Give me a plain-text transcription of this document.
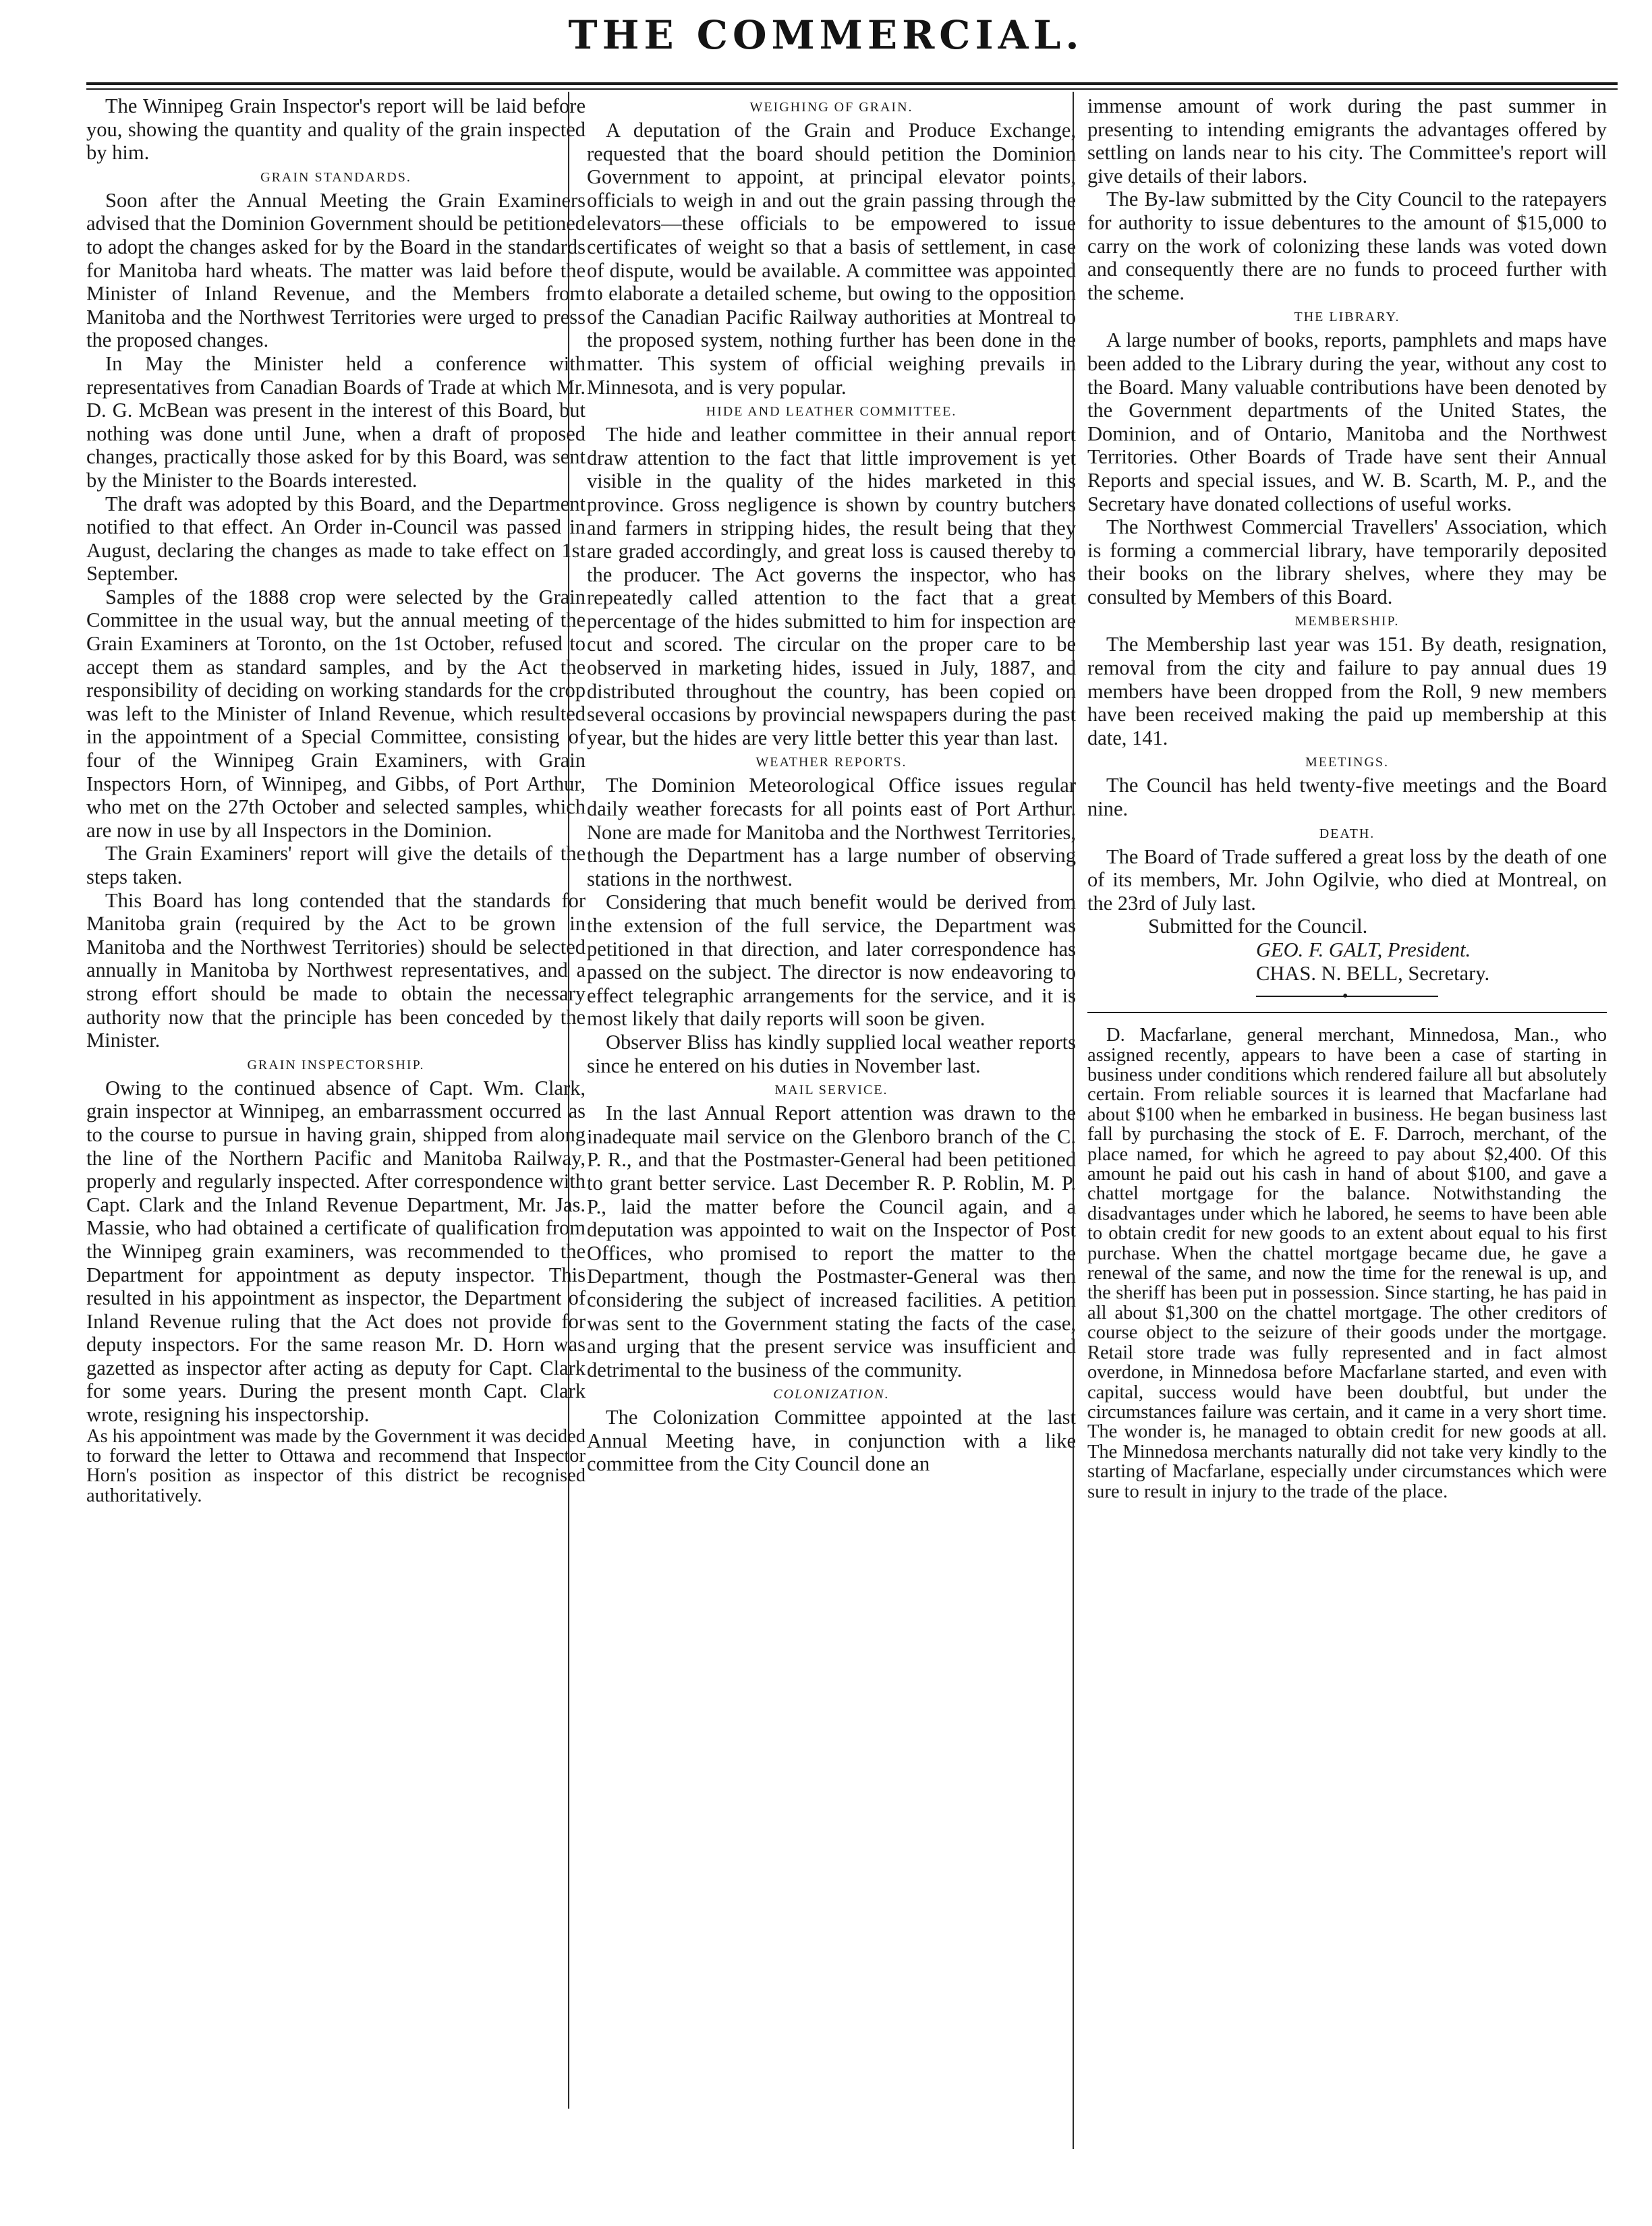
THE COMMERCIAL.

The Winnipeg Grain Inspector's report will be laid before you, showing the quantity and quality of the grain inspected by him.

GRAIN STANDARDS.

Soon after the Annual Meeting the Grain Examiners advised that the Dominion Government should be petitioned to adopt the changes asked for by the Board in the standards for Manitoba hard wheats. The matter was laid before the Minister of Inland Revenue, and the Members from Manitoba and the Northwest Territories were urged to press the proposed changes.

In May the Minister held a conference with representatives from Canadian Boards of Trade at which Mr. D. G. McBean was present in the interest of this Board, but nothing was done until June, when a draft of proposed changes, practically those asked for by this Board, was sent by the Minister to the Boards interested.

The draft was adopted by this Board, and the Department notified to that effect. An Order in-Council was passed in August, declaring the changes as made to take effect on 1st September.

Samples of the 1888 crop were selected by the Grain Committee in the usual way, but the annual meeting of the Grain Examiners at Toronto, on the 1st October, refused to accept them as standard samples, and by the Act the responsibility of deciding on working standards for the crop was left to the Minister of Inland Revenue, which resulted in the appointment of a Special Committee, consisting of four of the Winnipeg Grain Examiners, with Grain Inspectors Horn, of Winnipeg, and Gibbs, of Port Arthur, who met on the 27th October and selected samples, which are now in use by all Inspectors in the Dominion.

The Grain Examiners' report will give the details of the steps taken.

This Board has long contended that the standards for Manitoba grain (required by the Act to be grown in Manitoba and the Northwest Territories) should be selected annually in Manitoba by Northwest representatives, and a strong effort should be made to obtain the necessary authority now that the principle has been conceded by the Minister.

GRAIN INSPECTORSHIP.

Owing to the continued absence of Capt. Wm. Clark, grain inspector at Winnipeg, an embarrassment occurred as to the course to pursue in having grain, shipped from along the line of the Northern Pacific and Manitoba Railway, properly and regularly inspected. After correspondence with Capt. Clark and the Inland Revenue Department, Mr. Jas. Massie, who had obtained a certificate of qualification from the Winnipeg grain examiners, was recommended to the Department for appointment as deputy inspector. This resulted in his appointment as inspector, the Department of Inland Revenue ruling that the Act does not provide for deputy inspectors. For the same reason Mr. D. Horn was gazetted as inspector after acting as deputy for Capt. Clark for some years. During the present month Capt. Clark wrote, resigning his inspectorship.

As his appointment was made by the Government it was decided to forward the letter to Ottawa and recommend that Inspector Horn's position as inspector of this district be recognised authoritatively.

WEIGHING OF GRAIN.

A deputation of the Grain and Produce Exchange, requested that the board should petition the Dominion Government to appoint, at principal elevator points, officials to weigh in and out the grain passing through the elevators—these officials to be empowered to issue certificates of weight so that a basis of settlement, in case of dispute, would be available. A committee was appointed to elaborate a detailed scheme, but owing to the opposition of the Canadian Pacific Railway authorities at Montreal to the proposed system, nothing further has been done in the matter. This system of official weighing prevails in Minnesota, and is very popular.

HIDE AND LEATHER COMMITTEE.

The hide and leather committee in their annual report draw attention to the fact that little improvement is yet visible in the quality of the hides marketed in this province. Gross negligence is shown by country butchers and farmers in stripping hides, the result being that they are graded accordingly, and great loss is caused thereby to the producer. The Act governs the inspector, who has repeatedly called attention to the fact that a great percentage of the hides submitted to him for inspection are cut and scored. The circular on the proper care to be observed in marketing hides, issued in July, 1887, and distributed throughout the country, has been copied on several occasions by provincial newspapers during the past year, but the hides are very little better this year than last.

WEATHER REPORTS.

The Dominion Meteorological Office issues regular daily weather forecasts for all points east of Port Arthur. None are made for Manitoba and the Northwest Territories, though the Department has a large number of observing stations in the northwest.

Considering that much benefit would be derived from the extension of the full service, the Department was petitioned in that direction, and later correspondence has passed on the subject. The director is now endeavoring to effect telegraphic arrangements for the service, and it is most likely that daily reports will soon be given.

Observer Bliss has kindly supplied local weather reports since he entered on his duties in November last.

MAIL SERVICE.

In the last Annual Report attention was drawn to the inadequate mail service on the Glenboro branch of the C. P. R., and that the Postmaster-General had been petitioned to grant better service. Last December R. P. Roblin, M. P. P., laid the matter before the Council again, and a deputation was appointed to wait on the Inspector of Post Offices, who promised to report the matter to the Department, though the Postmaster-General was then considering the subject of increased facilities. A petition was sent to the Government stating the facts of the case, and urging that the present service was insufficient and detrimental to the business of the community.

COLONIZATION.

The Colonization Committee appointed at the last Annual Meeting have, in conjunction with a like committee from the City Council done an

immense amount of work during the past summer in presenting to intending emigrants the advantages offered by settling on lands near to his city. The Committee's report will give details of their labors.

The By-law submitted by the City Council to the ratepayers for authority to issue debentures to the amount of $15,000 to carry on the work of colonizing these lands was voted down and consequently there are no funds to proceed further with the scheme.

THE LIBRARY.

A large number of books, reports, pamphlets and maps have been added to the Library during the year, without any cost to the Board. Many valuable contributions have been denoted by the Government departments of the United States, the Dominion, and of Ontario, Manitoba and the Northwest Territories. Other Boards of Trade have sent their Annual Reports and special issues, and W. B. Scarth, M. P., and the Secretary have donated collections of useful works.

The Northwest Commercial Travellers' Association, which is forming a commercial library, have temporarily deposited their books on the library shelves, where they may be consulted by Members of this Board.

MEMBERSHIP.

The Membership last year was 151. By death, resignation, removal from the city and failure to pay annual dues 19 members have been dropped from the Roll, 9 new members have been received making the paid up membership at this date, 141.

MEETINGS.

The Council has held twenty-five meetings and the Board nine.

DEATH.

The Board of Trade suffered a great loss by the death of one of its members, Mr. John Ogilvie, who died at Montreal, on the 23rd of July last.

Submitted for the Council.

GEO. F. GALT, President.

CHAS. N. BELL, Secretary.

•

D. Macfarlane, general merchant, Minnedosa, Man., who assigned recently, appears to have been a case of starting in business under conditions which rendered failure all but absolutely certain. From reliable sources it is learned that Macfarlane had about $100 when he embarked in business. He began business last fall by purchasing the stock of E. F. Darroch, merchant, of the place named, for which he agreed to pay about $2,400. Of this amount he paid out his cash in hand of about $100, and gave a chattel mortgage for the balance. Notwithstanding the disadvantages under which he labored, he seems to have been able to obtain credit for new goods to an extent about equal to his first purchase. When the chattel mortgage became due, he gave a renewal of the same, and now the time for the renewal is up, and the sheriff has been put in possession. Since starting, he has paid in all about $1,300 on the chattel mortgage. The other creditors of course object to the seizure of their goods under the mortgage. Retail store trade was fully represented and in fact almost overdone, in Minnedosa before Macfarlane started, and even with capital, success would have been doubtful, but under the circumstances failure was certain, and it came in a very short time. The wonder is, he managed to obtain credit for new goods at all. The Minnedosa merchants naturally did not take very kindly to the starting of Macfarlane, especially under circumstances which were sure to result in injury to the trade of the place.
